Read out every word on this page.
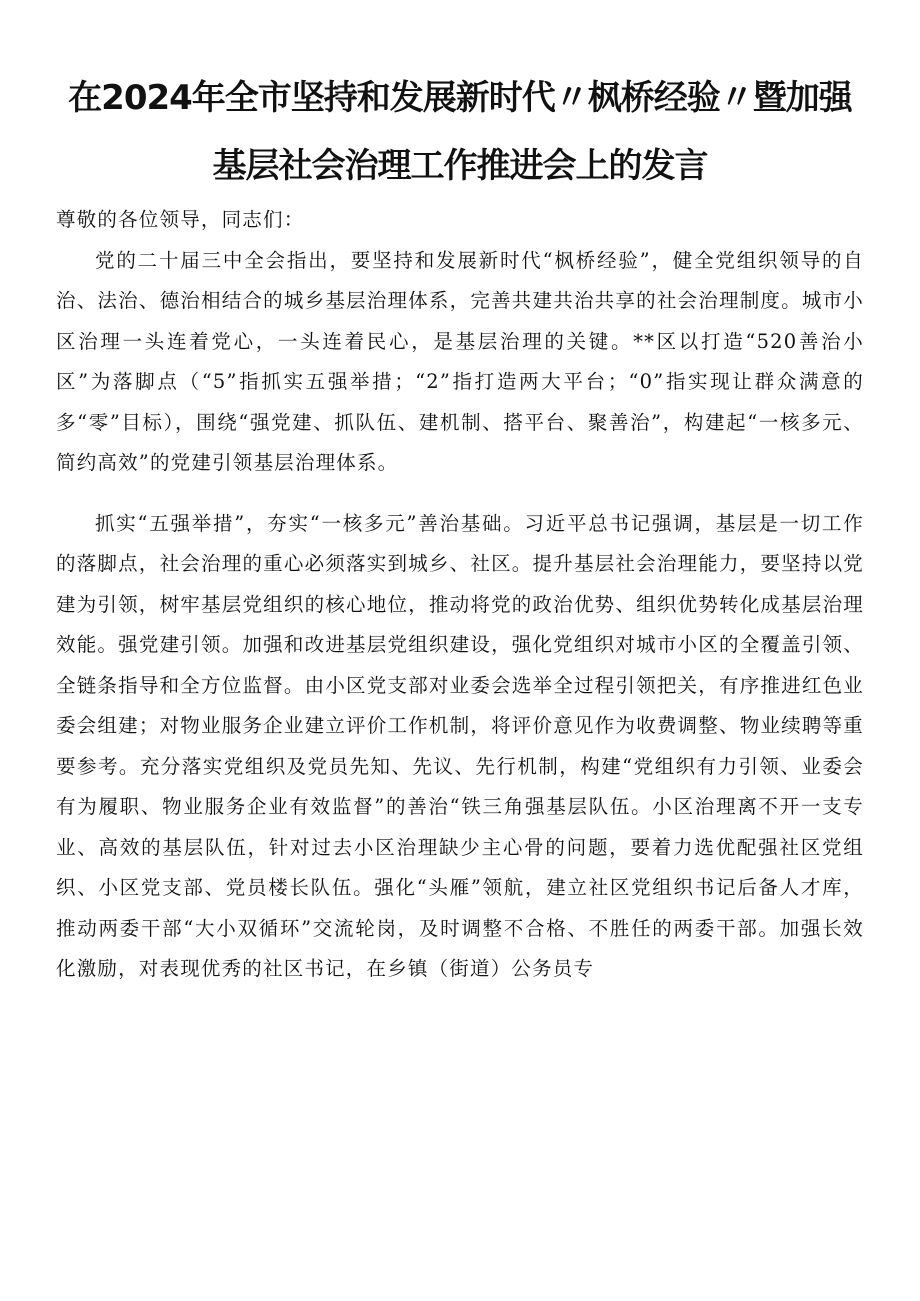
在2024年全市坚持和发展新时代〃枫桥经验〃暨加强
基层社会治理工作推进会上的发言

尊敬的各位领导，同志们：

党的二十届三中全会指出，要坚持和发展新时代“枫桥经验”，健全党组织领导的自治、法治、德治相结合的城乡基层治理体系，完善共建共治共享的社会治理制度。城市小区治理一头连着党心，一头连着民心，是基层治理的关键。**区以打造“520善治小区”为落脚点（“5”指抓实五强举措；“2”指打造两大平台；“0”指实现让群众满意的多“零”目标），围绕“强党建、抓队伍、建机制、搭平台、聚善治”，构建起“一核多元、简约高效”的党建引领基层治理体系。

抓实“五强举措”，夯实“一核多元”善治基础。习近平总书记强调，基层是一切工作的落脚点，社会治理的重心必须落实到城乡、社区。提升基层社会治理能力，要坚持以党建为引领，树牢基层党组织的核心地位，推动将党的政治优势、组织优势转化成基层治理效能。强党建引领。加强和改进基层党组织建设，强化党组织对城市小区的全覆盖引领、全链条指导和全方位监督。由小区党支部对业委会选举全过程引领把关，有序推进红色业委会组建；对物业服务企业建立评价工作机制，将评价意见作为收费调整、物业续聘等重要参考。充分落实党组织及党员先知、先议、先行机制，构建“党组织有力引领、业委会有为履职、物业服务企业有效监督”的善治“铁三角强基层队伍。小区治理离不开一支专业、高效的基层队伍，针对过去小区治理缺少主心骨的问题，要着力选优配强社区党组织、小区党支部、党员楼长队伍。强化“头雁”领航，建立社区党组织书记后备人才库，推动两委干部“大小双循环”交流轮岗，及时调整不合格、不胜任的两委干部。加强长效化激励，对表现优秀的社区书记，在乡镇（街道）公务员专
